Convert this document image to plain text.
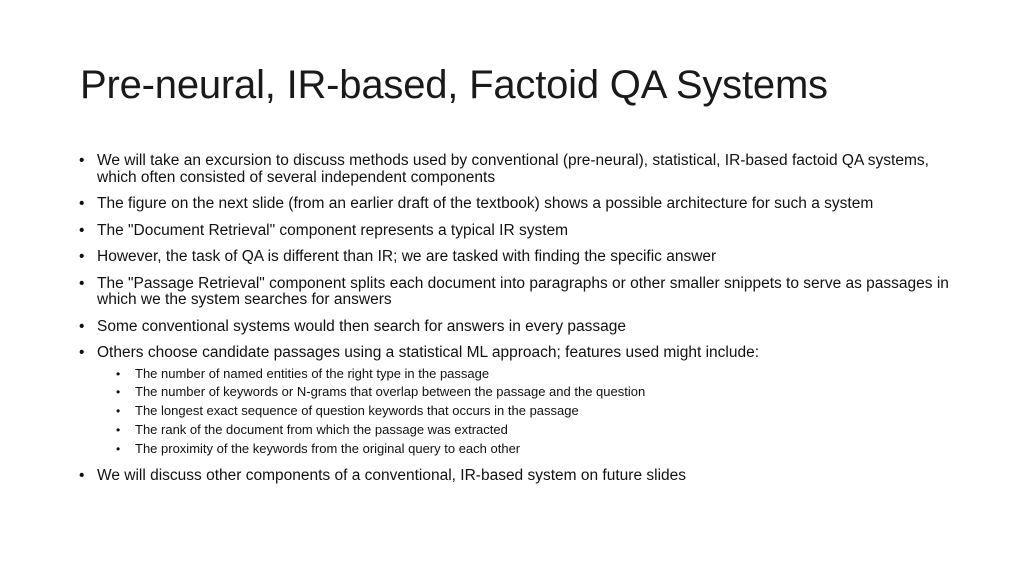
Pre-neural, IR-based, Factoid QA Systems
• We will take an excursion to discuss methods used by conventional (pre-neural), statistical, IR-based factoid QA systems, which often consisted of several independent components
• The figure on the next slide (from an earlier draft of the textbook) shows a possible architecture for such a system
• The "Document Retrieval" component represents a typical IR system
• However, the task of QA is different than IR; we are tasked with finding the specific answer
• The "Passage Retrieval" component splits each document into paragraphs or other smaller snippets to serve as passages in which we the system searches for answers
• Some conventional systems would then search for answers in every passage
• Others choose candidate passages using a statistical ML approach; features used might include:
• The number of named entities of the right type in the passage
• The number of keywords or N-grams that overlap between the passage and the question
• The longest exact sequence of question keywords that occurs in the passage
• The rank of the document from which the passage was extracted
• The proximity of the keywords from the original query to each other
• We will discuss other components of a conventional, IR-based system on future slides
